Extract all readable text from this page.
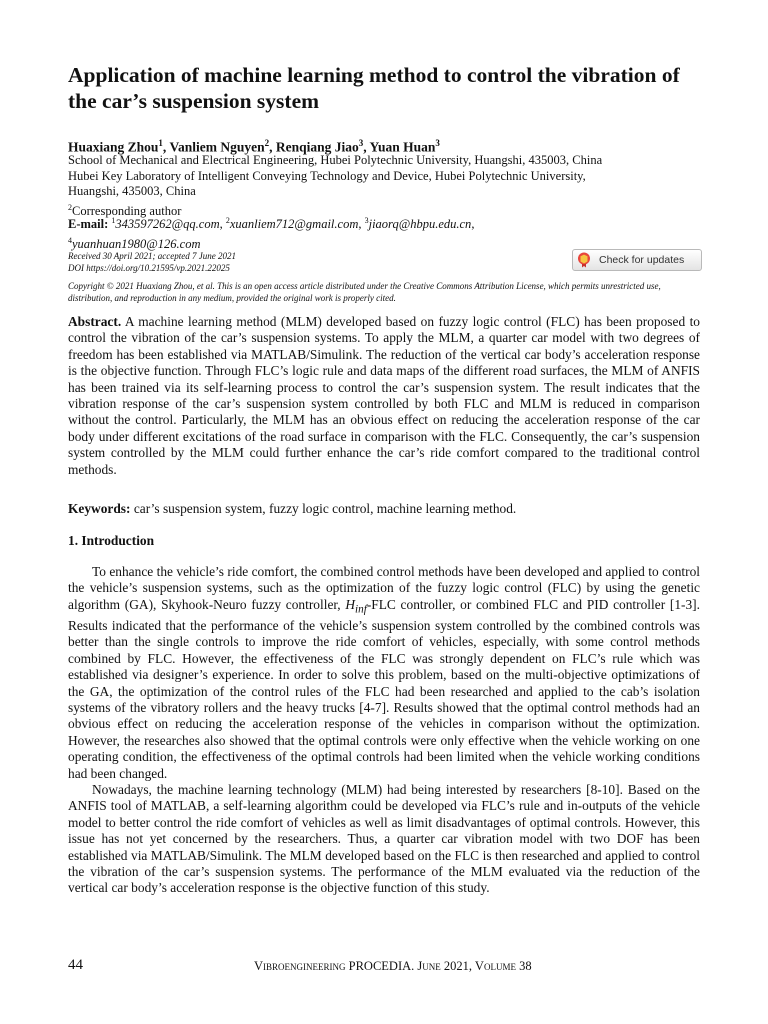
Application of machine learning method to control the vibration of the car’s suspension system
Huaxiang Zhou$^1$, Vanliem Nguyen$^2$, Renqiang Jiao$^3$, Yuan Huan$^3$
School of Mechanical and Electrical Engineering, Hubei Polytechnic University, Huangshi, 435003, China
Hubei Key Laboratory of Intelligent Conveying Technology and Device, Hubei Polytechnic University,
Huangshi, 435003, China
$^2$Corresponding author
E-mail: $^1$343597262@qq.com, $^2$xuanliem712@gmail.com, $^3$jiaorq@hbpu.edu.cn,
$^4$yuanhuan1980@126.com
Received 30 April 2021; accepted 7 June 2021
DOI https://doi.org/10.21595/vp.2021.22025
Check for updates
Copyright © 2021 Huaxiang Zhou, et al. This is an open access article distributed under the Creative Commons Attribution License, which permits unrestricted use, distribution, and reproduction in any medium, provided the original work is properly cited.

Abstract. A machine learning method (MLM) developed based on fuzzy logic control (FLC) has been proposed to control the vibration of the car’s suspension systems. To apply the MLM, a quarter car model with two degrees of freedom has been established via MATLAB/Simulink. The reduction of the vertical car body’s acceleration response is the objective function. Through FLC’s logic rule and data maps of the different road surfaces, the MLM of ANFIS has been trained via its self-learning process to control the car’s suspension system. The result indicates that the vibration response of the car’s suspension system controlled by both FLC and MLM is reduced in comparison without the control. Particularly, the MLM has an obvious effect on reducing the acceleration response of the car body under different excitations of the road surface in comparison with the FLC. Consequently, the car’s suspension system controlled by the MLM could further enhance the car’s ride comfort compared to the traditional control methods.

Keywords: car’s suspension system, fuzzy logic control, machine learning method.

1. Introduction

To enhance the vehicle’s ride comfort, the combined control methods have been developed and applied to control the vehicle’s suspension systems, such as the optimization of the fuzzy logic control (FLC) by using the genetic algorithm (GA), Skyhook-Neuro fuzzy controller, $H_{inf}$-FLC controller, or combined FLC and PID controller [1-3]. Results indicated that the performance of the vehicle’s suspension system controlled by the combined controls was better than the single controls to improve the ride comfort of vehicles, especially, with some control methods combined by FLC. However, the effectiveness of the FLC was strongly dependent on FLC’s rule which was established via designer’s experience. In order to solve this problem, based on the multi-objective optimizations of the GA, the optimization of the control rules of the FLC had been researched and applied to the cab’s isolation systems of the vibratory rollers and the heavy trucks [4-7]. Results showed that the optimal control methods had an obvious effect on reducing the acceleration response of the vehicles in comparison without the optimization. However, the researches also showed that the optimal controls were only effective when the vehicle working on one operating condition, the effectiveness of the optimal controls had been limited when the vehicle working conditions had been changed.

Nowadays, the machine learning technology (MLM) had being interested by researchers [8-10]. Based on the ANFIS tool of MATLAB, a self-learning algorithm could be developed via FLC’s rule and in-outputs of the vehicle model to better control the ride comfort of vehicles as well as limit disadvantages of optimal controls. However, this issue has not yet concerned by the researchers. Thus, a quarter car vibration model with two DOF has been established via MATLAB/Simulink. The MLM developed based on the FLC is then researched and applied to control the vibration of the car’s suspension systems. The performance of the MLM evaluated via the reduction of the vertical car body’s acceleration response is the objective function of this study.

44	Vibroengineering PROCEDIA. June 2021, Volume 38
